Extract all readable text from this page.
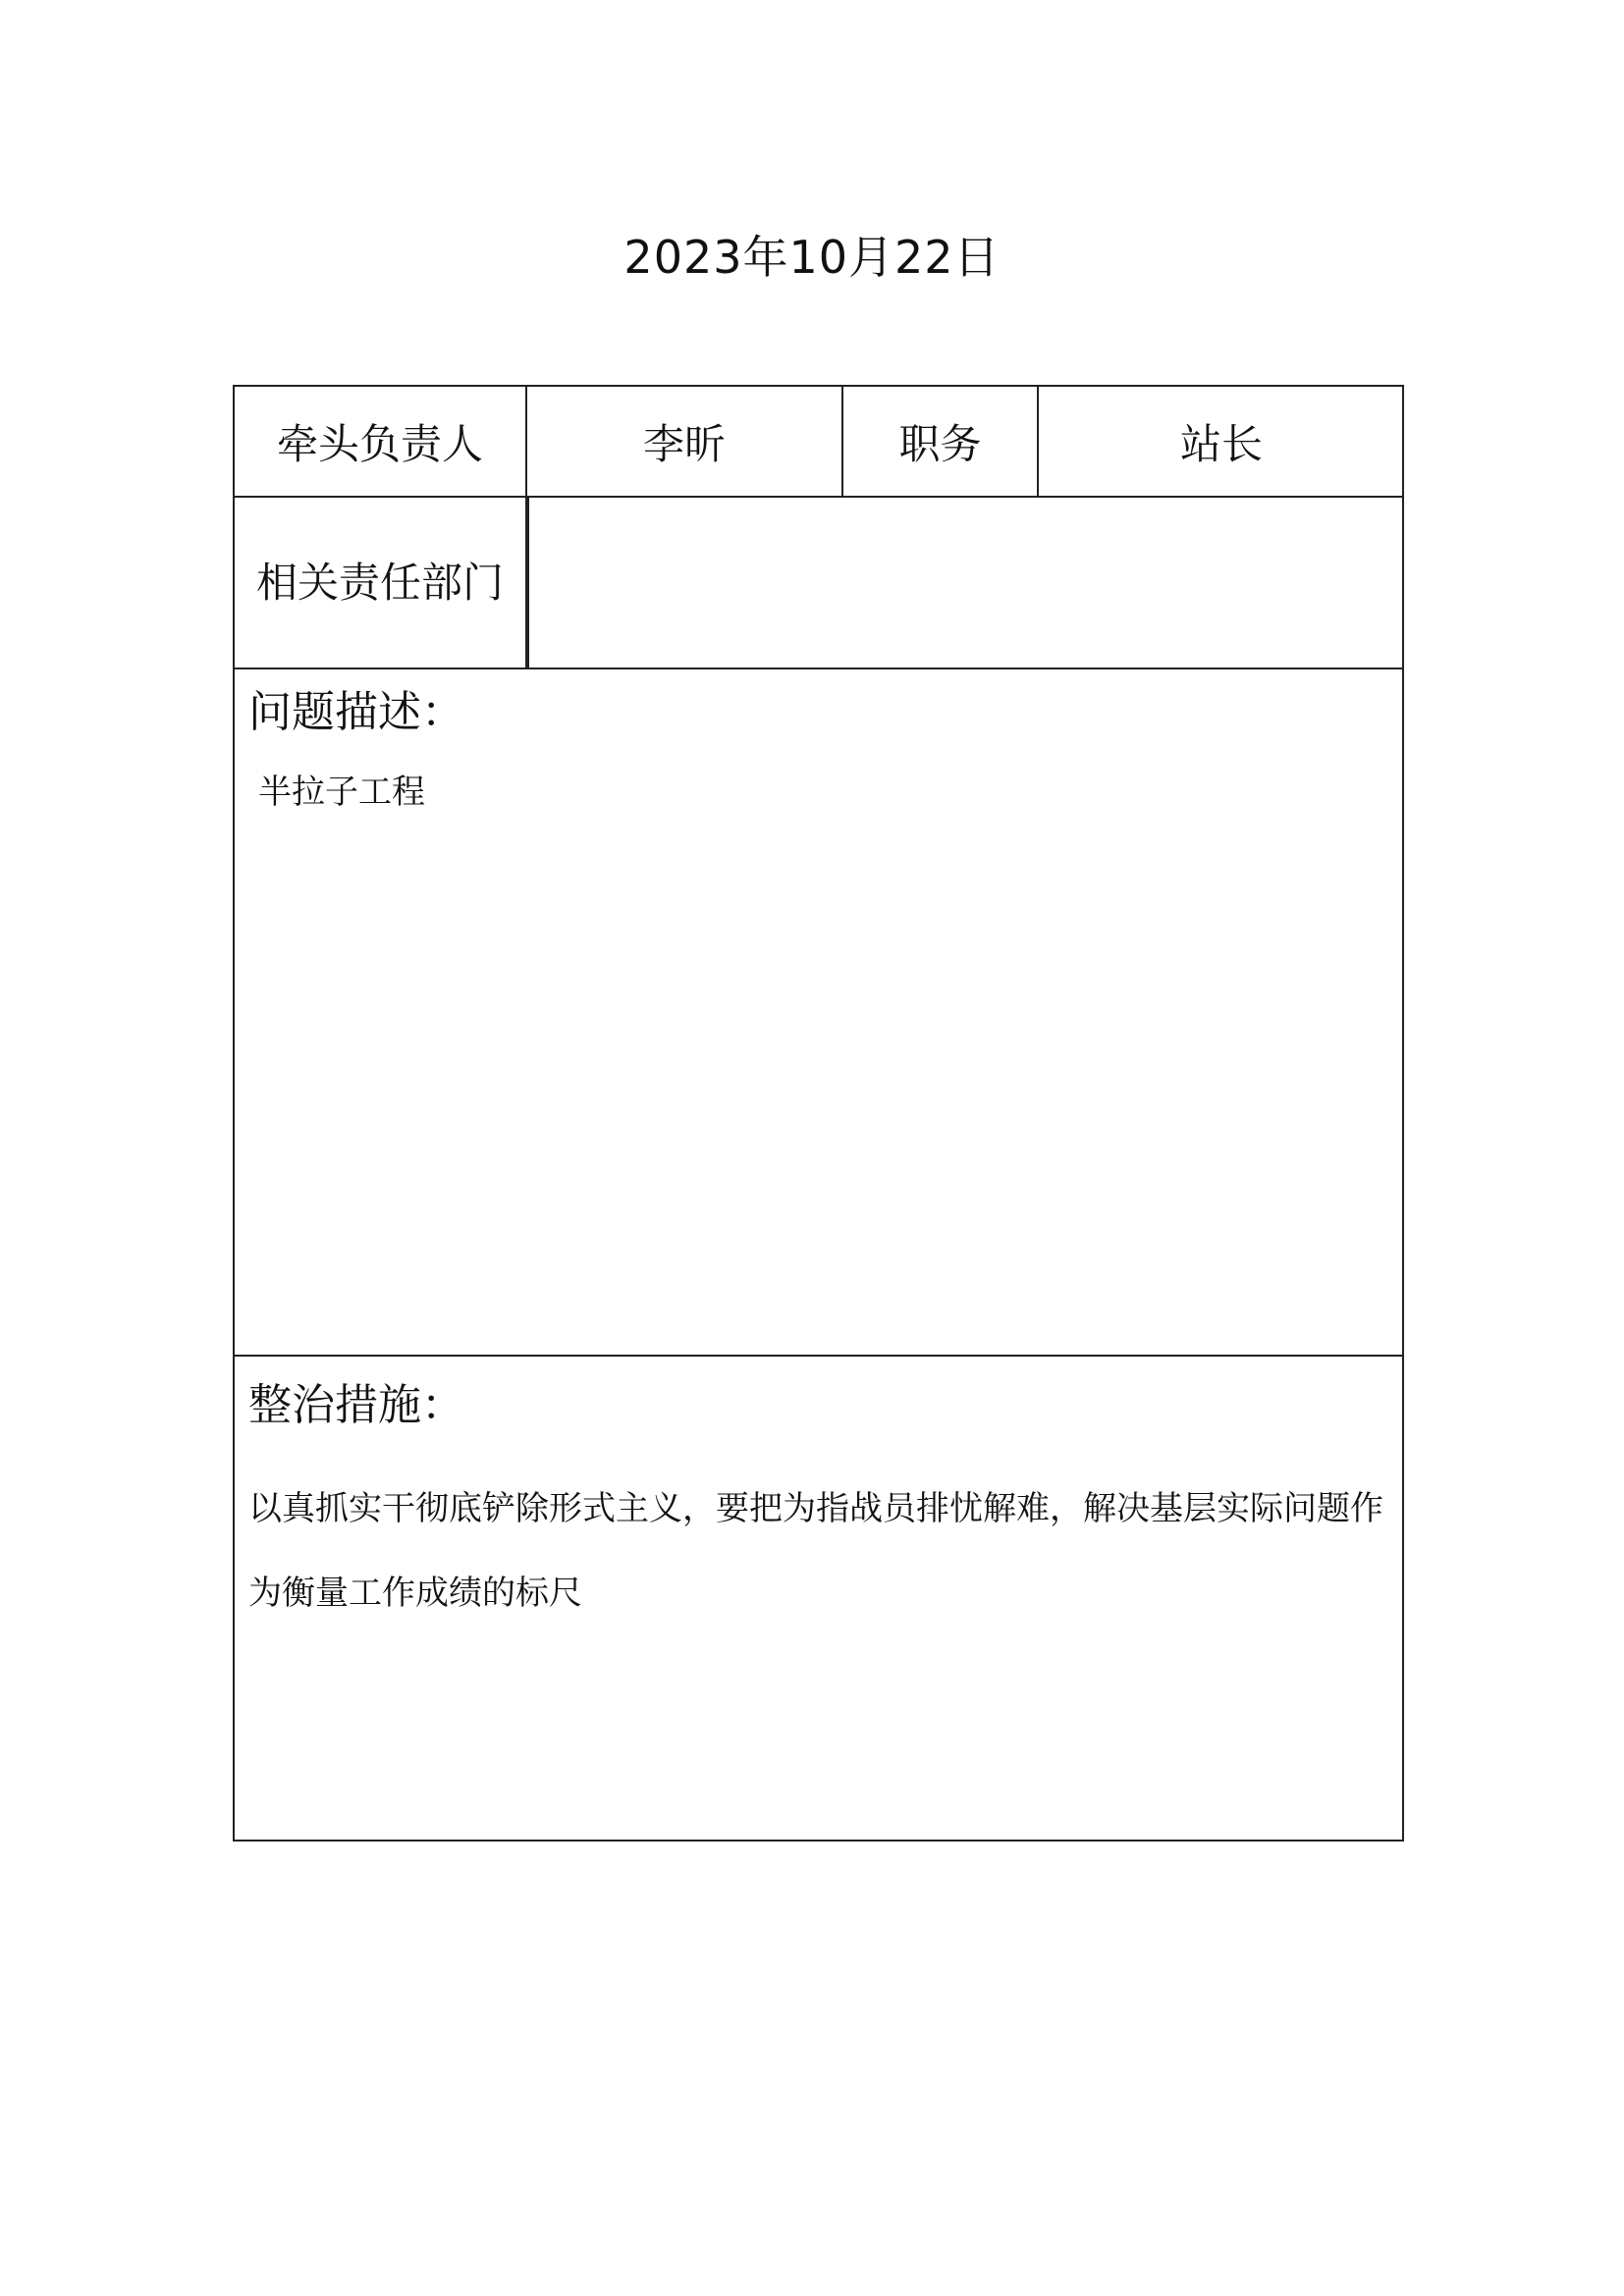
2023年10月22日
牵头负责人	李昕	职务	站长
相关责任部门
问题描述：
半拉子工程
整治措施：
以真抓实干彻底铲除形式主义，要把为指战员排忧解难，解决基层实际问题作为衡量工作成绩的标尺
